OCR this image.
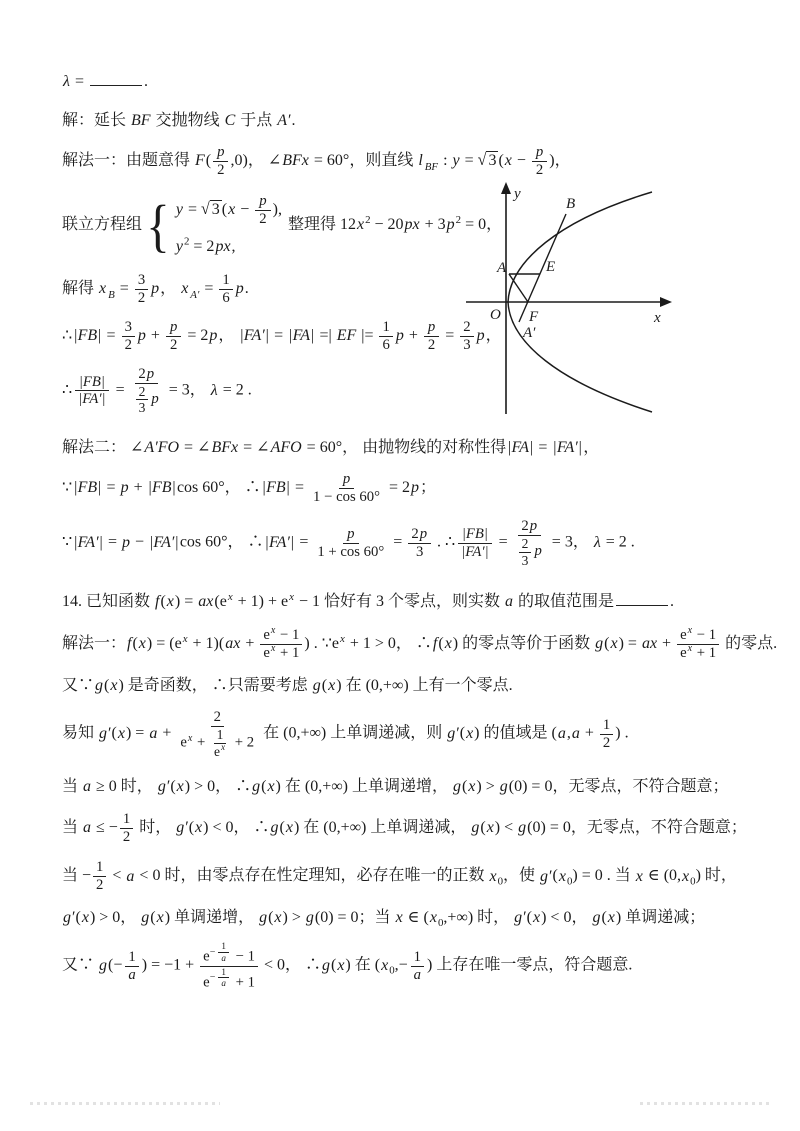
λ =	.
解：延长 BF 交抛物线 C 于点 A′.
解法一：由题意得 $F( \frac{p}{2} ,0)$， ∠BFx = 60°，则直线 l $_{BF}$ : y = √ 3 ($x - \frac{p}{2}$ )，
联立方程组 { y = √ 3 ($x - \frac{p}{2}$ ),
$y^2 = 2px$,
整理得 $12x^2 - 20px + 3p^2 = 0$，
解得 x $_B = \frac{3}{2}$ p， x $_{A'} = \frac{1}{6} p$.
∴|FB| = $\frac{3}{2}$ $p + \frac{p}{2} = 2p$， |FA′| = |FA| =| EF |= $\frac{1}{6}$ $p + \frac{p}{2} = \frac{2}{3}$ p，
∴ $\frac{|FB|}{|FA'|} = \frac{2p}{\frac{2}{3} p} = 3$， λ = 2 .
解法二： ∠A′FO = ∠BFx = ∠AFO = 60°， 由抛物线的对称性得|FA| = |FA′|，
∵|FB| = p + |FB|cos 60°， ∴|FB| = $\frac{p}{1 - \cos 60^\circ} = 2p$；
∵|FA′| = p − |FA′|cos 60°， ∴|FA′| = $\frac{p}{1 + \cos 60^\circ} = \frac{2p}{3}$ . ∴ $\frac{|FB|}{|FA'|} = \frac{2p}{\frac{2}{3} p} = 3$， λ = 2 .
14. 已知函数 $f(x) = ax(e^x + 1) + e^x - 1$ 恰好有 3 个零点，则实数 a 的取值范围是	.
解法一：$f(x) = (e^x + 1)(ax + \frac{e^x - 1}{e^x + 1}$ ) . $\because e^x + 1 > 0$， ∴f(x) 的零点等价于函数 g(x) = ax + $\frac{e^x - 1}{e^x + 1}$ 的零点.
又∵g(x) 是奇函数， ∴只需要考虑 g(x) 在 (0,+∞) 上有一个零点.
易知 $g'(x) = a + \frac{2}{e^x + \frac{1}{e^x} + 2}$ 在 (0,+∞) 上单调递减，则 g′(x) 的值域是 ($a,a + \frac{1}{2}$ ) .
当 a ≥ 0 时， g′(x) > 0， ∴g(x) 在 (0,+∞) 上单调递增， g(x) > g(0) = 0，无零点，不符合题意；
当 a ≤ − $\frac{1}{2}$ 时， g′(x) < 0， ∴g(x) 在 (0,+∞) 上单调递减， g(x) < g(0) = 0，无零点，不符合题意；
当 − $\frac{1}{2} < a < 0$ 时，由零点存在性定理知，必存在唯一的正数 $x_0$，使 $g'(x_0) = 0$ . 当 x ∈ $(0,x_0)$ 时，
g′(x) > 0， g(x) 单调递增， g(x) > g(0) = 0；当 x ∈ $(x_0,+\infty)$ 时， g′(x) < 0， g(x) 单调递减；
又∵ $g(- \frac{1}{a}$ ) = $-1 + e^{- \frac{1}{a}} - 1$
$e^{- \frac{1}{a}} + 1 < 0$， ∴g(x) 在 ($x_0,- \frac{1}{a}$ ) 上存在唯一零点，符合题意.
y
x
B
A	E
O F
A′
